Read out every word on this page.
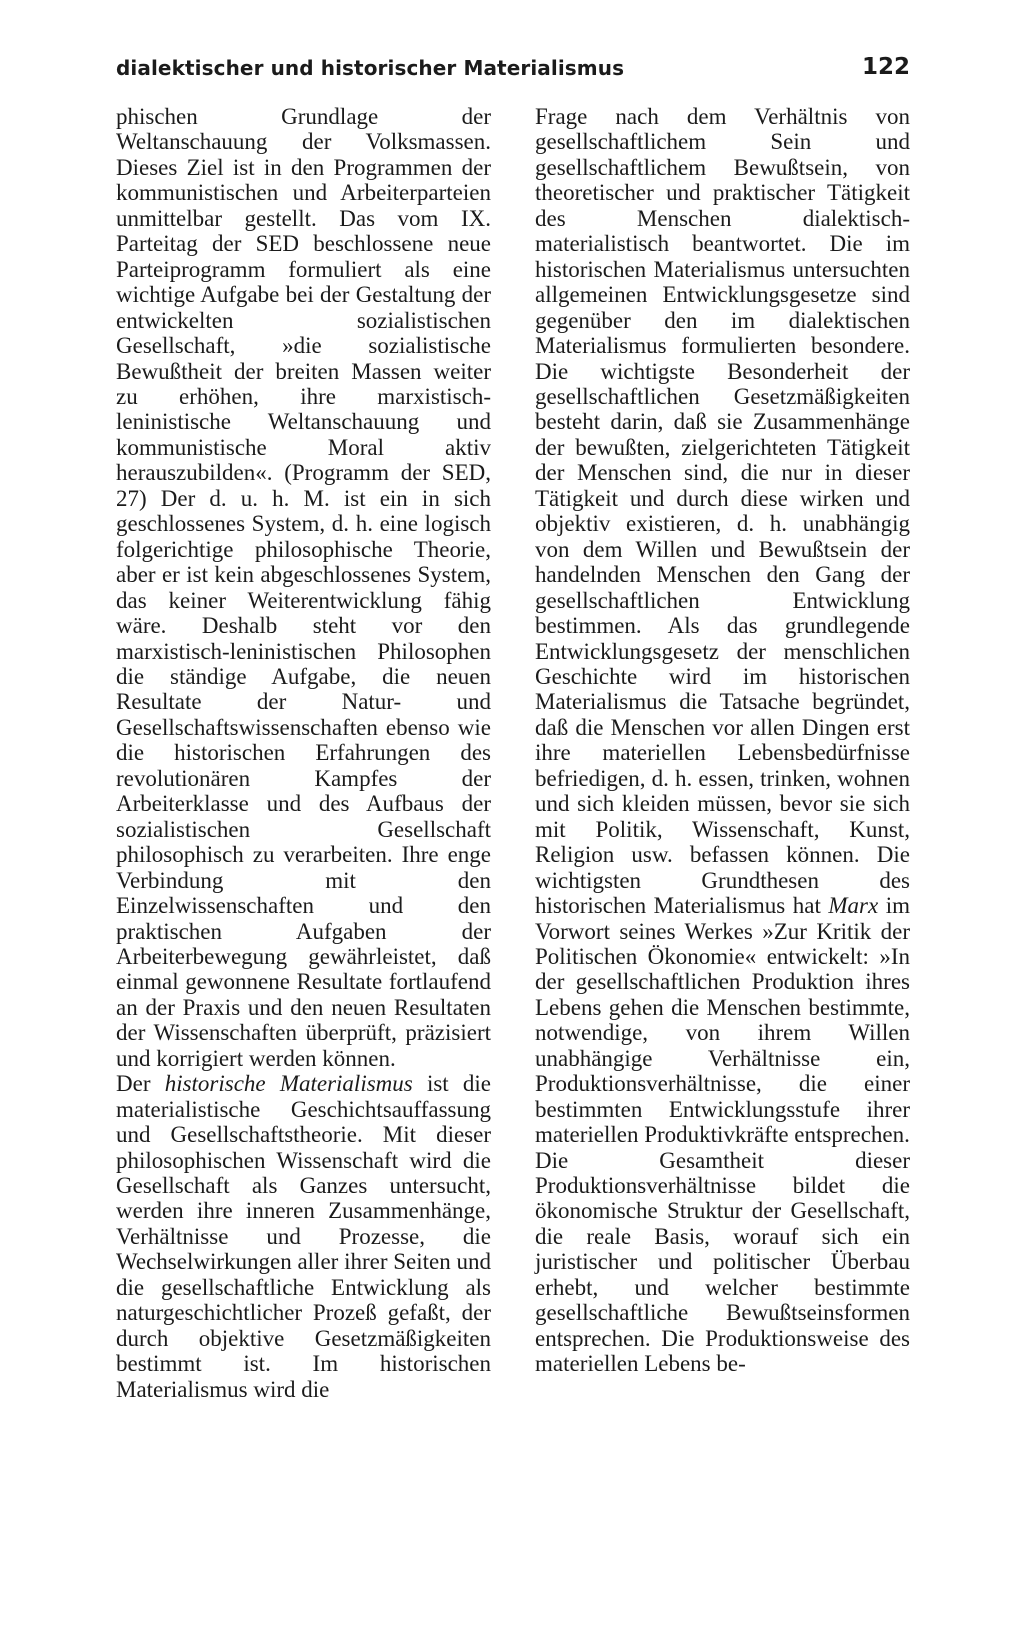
dialektischer und historischer Materialismus	122

phischen Grundlage der Weltanschauung der Volksmassen. Dieses Ziel ist in den Programmen der kommunistischen und Arbeiterparteien unmittelbar gestellt. Das vom IX. Parteitag der SED beschlossene neue Parteiprogramm formuliert als eine wichtige Aufgabe bei der Gestaltung der entwickelten sozialistischen Gesellschaft, »die sozialistische Bewußtheit der breiten Massen weiter zu erhöhen, ihre marxistisch-leninistische Weltanschauung und kommunistische Moral aktiv herauszubilden«. (Programm der SED, 27) Der d. u. h. M. ist ein in sich geschlossenes System, d. h. eine logisch folgerichtige philosophische Theorie, aber er ist kein abgeschlossenes System, das keiner Weiterentwicklung fähig wäre. Deshalb steht vor den marxistisch-leninistischen Philosophen die ständige Aufgabe, die neuen Resultate der Natur- und Gesellschaftswissenschaften ebenso wie die historischen Erfahrungen des revolutionären Kampfes der Arbeiterklasse und des Aufbaus der sozialistischen Gesellschaft philosophisch zu verarbeiten. Ihre enge Verbindung mit den Einzelwissenschaften und den praktischen Aufgaben der Arbeiterbewegung gewährleistet, daß einmal gewonnene Resultate fortlaufend an der Praxis und den neuen Resultaten der Wissenschaften überprüft, präzisiert und korrigiert werden können.

Der historische Materialismus ist die materialistische Geschichtsauffassung und Gesellschaftstheorie. Mit dieser philosophischen Wissenschaft wird die Gesellschaft als Ganzes untersucht, werden ihre inneren Zusammenhänge, Verhältnisse und Prozesse, die Wechselwirkungen aller ihrer Seiten und die gesellschaftliche Entwicklung als naturgeschichtlicher Prozeß gefaßt, der durch objektive Gesetzmäßigkeiten bestimmt ist. Im historischen Materialismus wird die

Frage nach dem Verhältnis von gesellschaftlichem Sein und gesellschaftlichem Bewußtsein, von theoretischer und praktischer Tätigkeit des Menschen dialektisch-materialistisch beantwortet. Die im historischen Materialismus untersuchten allgemeinen Entwicklungsgesetze sind gegenüber den im dialektischen Materialismus formulierten besondere. Die wichtigste Besonderheit der gesellschaftlichen Gesetzmäßigkeiten besteht darin, daß sie Zusammenhänge der bewußten, zielgerichteten Tätigkeit der Menschen sind, die nur in dieser Tätigkeit und durch diese wirken und objektiv existieren, d. h. unabhängig von dem Willen und Bewußtsein der handelnden Menschen den Gang der gesellschaftlichen Entwicklung bestimmen. Als das grundlegende Entwicklungsgesetz der menschlichen Geschichte wird im historischen Materialismus die Tatsache begründet, daß die Menschen vor allen Dingen erst ihre materiellen Lebensbedürfnisse befriedigen, d. h. essen, trinken, wohnen und sich kleiden müssen, bevor sie sich mit Politik, Wissenschaft, Kunst, Religion usw. befassen können. Die wichtigsten Grundthesen des historischen Materialismus hat Marx im Vorwort seines Werkes »Zur Kritik der Politischen Ökonomie« entwickelt: »In der gesellschaftlichen Produktion ihres Lebens gehen die Menschen bestimmte, notwendige, von ihrem Willen unabhängige Verhältnisse ein, Produktionsverhältnisse, die einer bestimmten Entwicklungsstufe ihrer materiellen Produktivkräfte entsprechen.

Die Gesamtheit dieser Produktionsverhältnisse bildet die ökonomische Struktur der Gesellschaft, die reale Basis, worauf sich ein juristischer und politischer Überbau erhebt, und welcher bestimmte gesellschaftliche Bewußtseinsformen entsprechen. Die Produktionsweise des materiellen Lebens be-
